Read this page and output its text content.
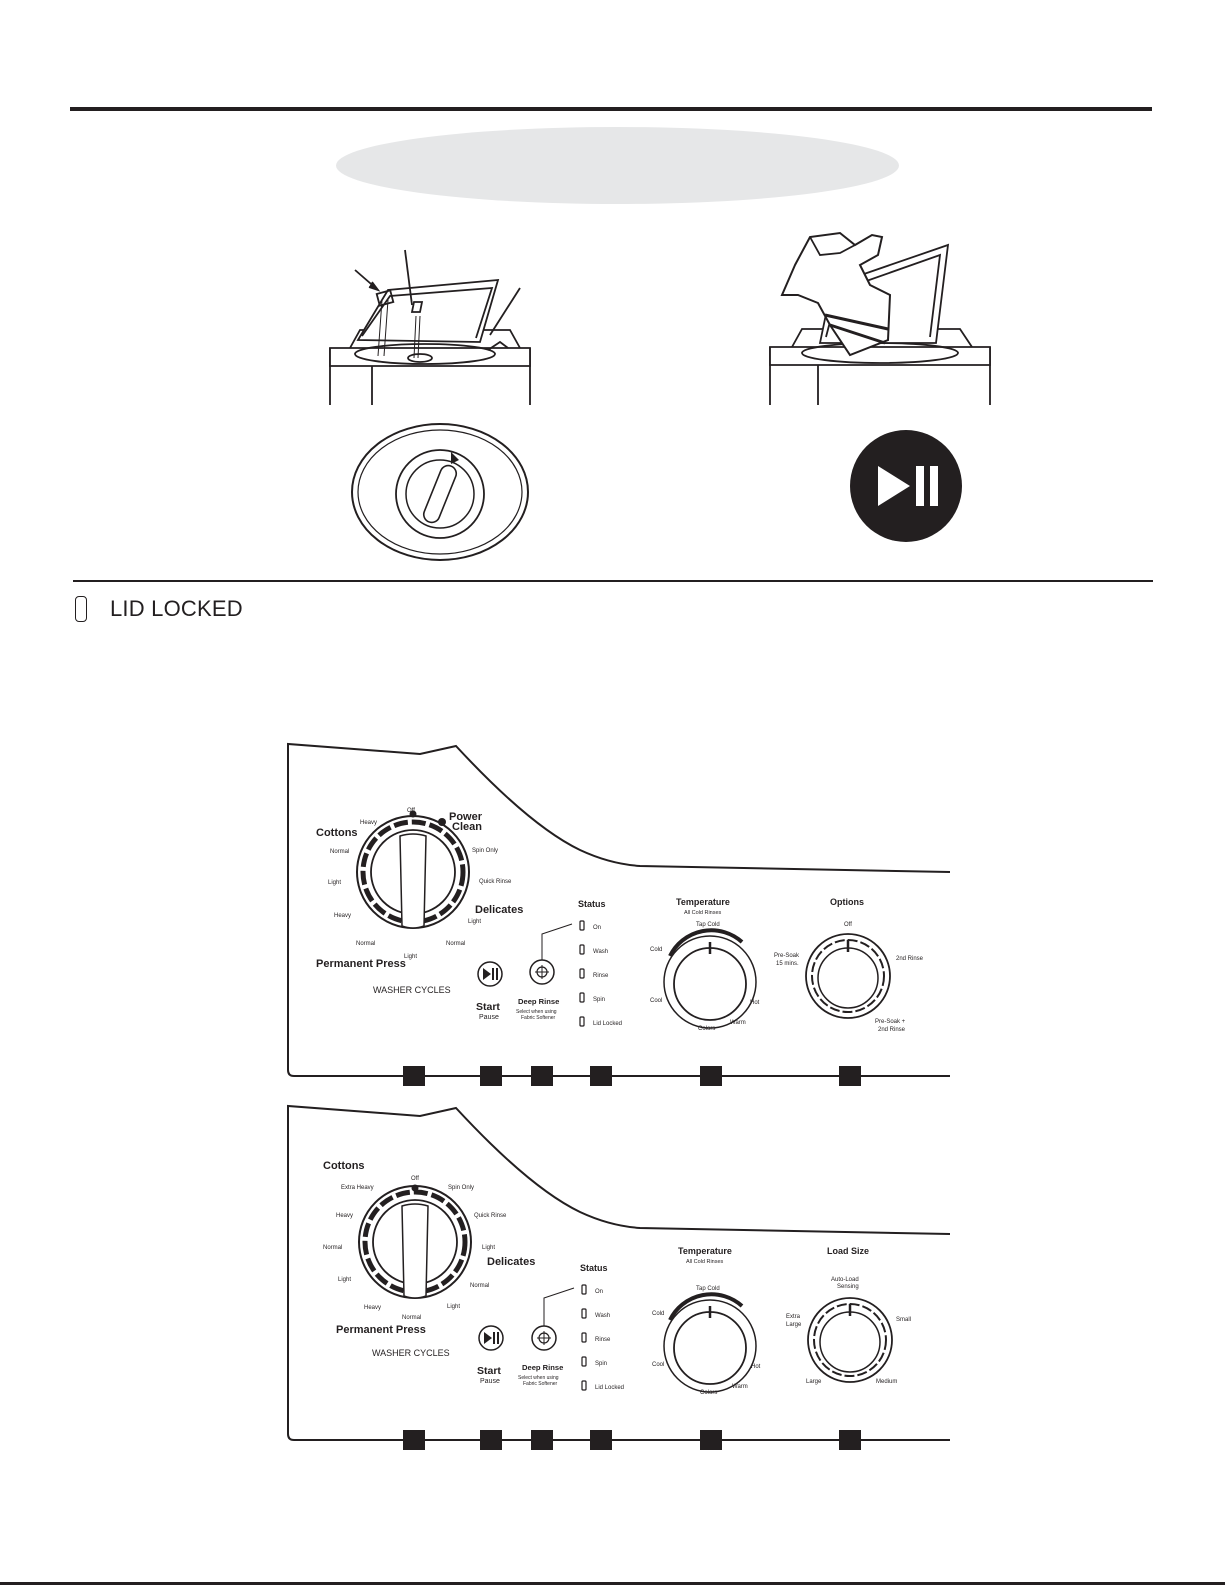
LID LOCKED
Off
Heavy
Normal
Light
Heavy
Normal
Light
Normal
Light
Quick Rinse
Spin Only
Cottons
Power
Clean
Delicates
Permanent Press
WASHER CYCLES
Start
Pause
Deep Rinse
Select when using
Fabric Softener
Status
On
Wash
Rinse
Spin
Lid Locked
Temperature
All Cold Rinses
Tap Cold
Cold
Cool
Colors
Warm
Hot
Options
Off
Pre-Soak
15 mins.
2nd Rinse
Pre-Soak +
2nd Rinse
Off
Extra Heavy
Heavy
Normal
Light
Heavy
Normal
Light
Normal
Light
Quick Rinse
Spin Only
Cottons
Delicates
Permanent Press
WASHER CYCLES
Start
Pause
Deep Rinse
Select when using
Fabric Softener
Status
On
Wash
Rinse
Spin
Lid Locked
Temperature
All Cold Rinses
Tap Cold
Cold
Cool
Colors
Warm
Hot
Load Size
Auto-Load
Sensing
Extra
Large
Small
Large	Medium
